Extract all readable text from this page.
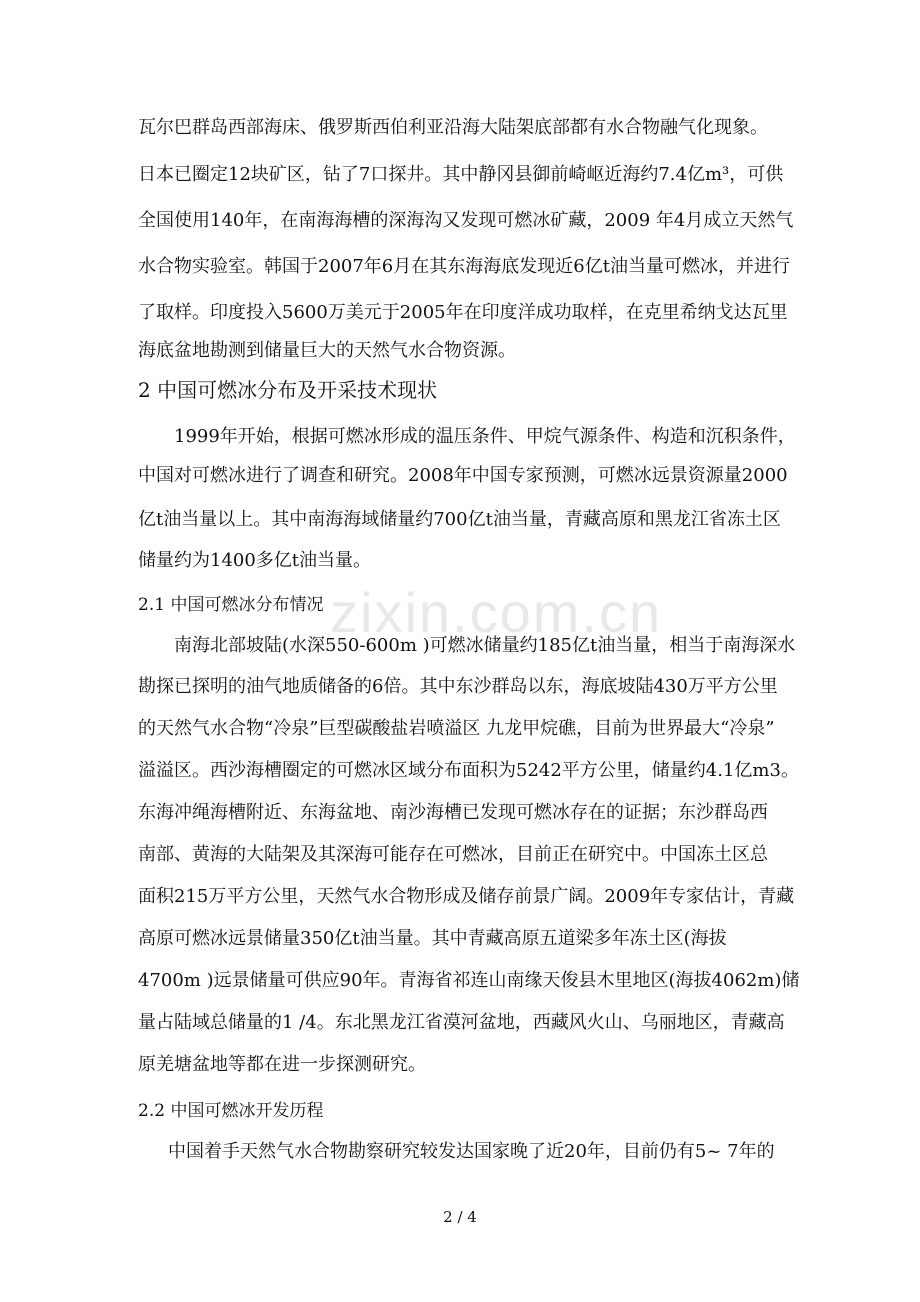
zixin.com.cn
瓦尔巴群岛西部海床、俄罗斯西伯利亚沿海大陆架底部都有水合物融气化现象。
日本已圈定12块矿区，钻了7口探井。其中静冈县御前崎岖近海约7.4亿m³，可供
全国使用140年，在南海海槽的深海沟又发现可燃冰矿藏，2009 年4月成立天然气
水合物实验室。韩国于2007年6月在其东海海底发现近6亿t油当量可燃冰，并进行
了取样。印度投入5600万美元于2005年在印度洋成功取样，在克里希纳戈达瓦里
海底盆地勘测到储量巨大的天然气水合物资源。
2 中国可燃冰分布及开采技术现状
1999年开始，根据可燃冰形成的温压条件、甲烷气源条件、构造和沉积条件，
中国对可燃冰进行了调查和研究。2008年中国专家预测，可燃冰远景资源量2000
亿t油当量以上。其中南海海域储量约700亿t油当量，青藏高原和黑龙江省冻土区
储量约为1400多亿t油当量。
2.1 中国可燃冰分布情况
南海北部坡陆(水深550-600m )可燃冰储量约185亿t油当量，相当于南海深水
勘探已探明的油气地质储备的6倍。其中东沙群岛以东，海底坡陆430万平方公里
的天然气水合物“冷泉”巨型碳酸盐岩喷溢区 九龙甲烷礁，目前为世界最大“冷泉”
溢溢区。西沙海槽圈定的可燃冰区域分布面积为5242平方公里，储量约4.1亿m3。
东海冲绳海槽附近、东海盆地、南沙海槽已发现可燃冰存在的证据；东沙群岛西
南部、黄海的大陆架及其深海可能存在可燃冰，目前正在研究中。中国冻土区总
面积215万平方公里，天然气水合物形成及储存前景广阔。2009年专家估计，青藏
高原可燃冰远景储量350亿t油当量。其中青藏高原五道梁多年冻土区(海拔
4700m )远景储量可供应90年。青海省祁连山南缘天俊县木里地区(海拔4062m)储
量占陆域总储量的1 /4。东北黑龙江省漠河盆地，西藏风火山、乌丽地区，青藏高
原羌塘盆地等都在进一步探测研究。
2.2 中国可燃冰开发历程
中国着手天然气水合物勘察研究较发达国家晚了近20年，目前仍有5~ 7年的
2 / 4
